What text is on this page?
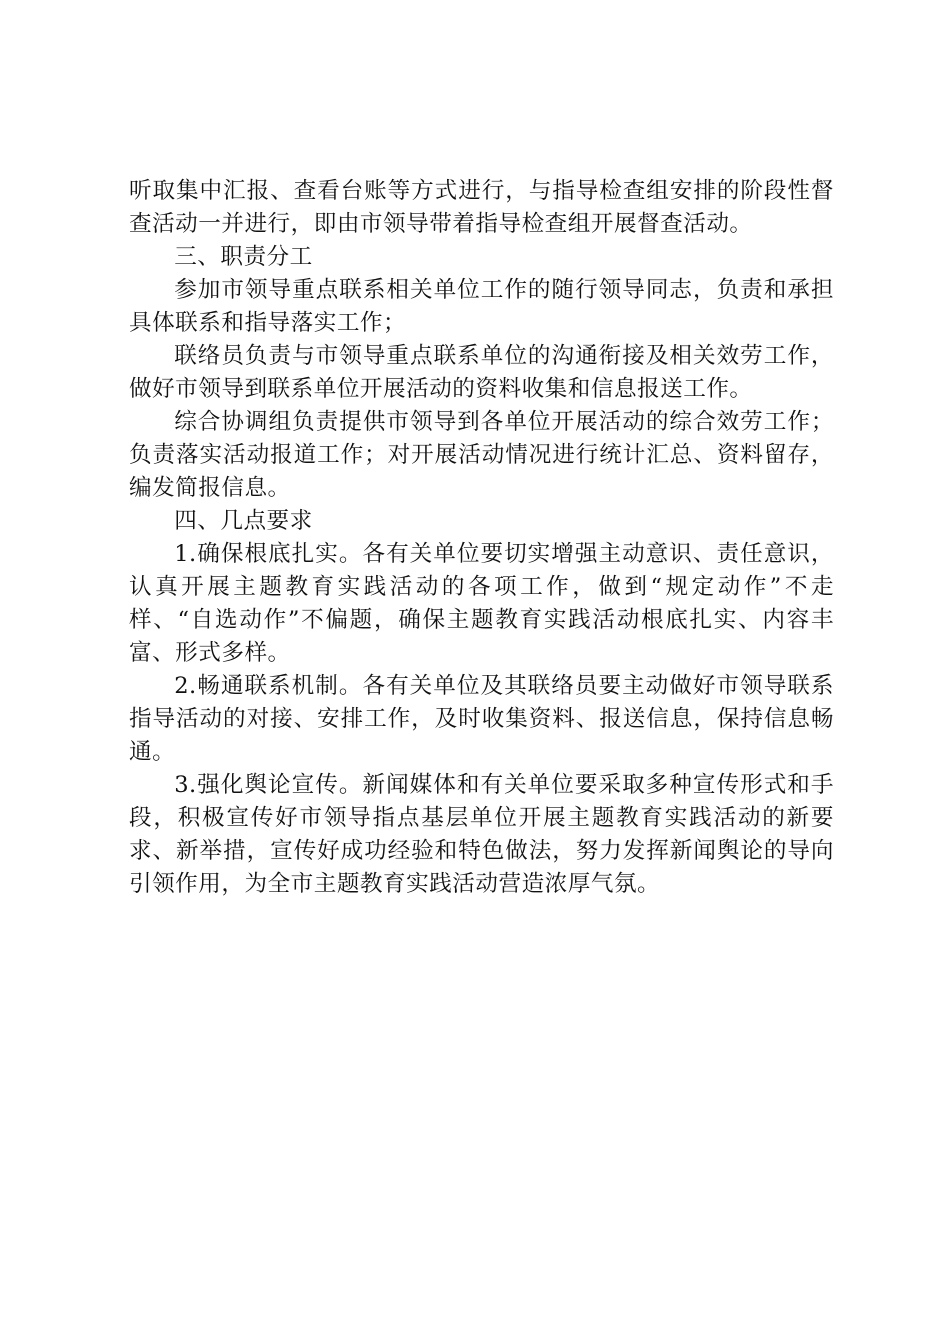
听取集中汇报、查看台账等方式进行，与指导检查组安排的阶段性督查活动一并进行，即由市领导带着指导检查组开展督查活动。

三、职责分工

参加市领导重点联系相关单位工作的随行领导同志，负责和承担具体联系和指导落实工作；

联络员负责与市领导重点联系单位的沟通衔接及相关效劳工作，做好市领导到联系单位开展活动的资料收集和信息报送工作。

综合协调组负责提供市领导到各单位开展活动的综合效劳工作；负责落实活动报道工作；对开展活动情况进行统计汇总、资料留存，编发简报信息。

四、几点要求

1.确保根底扎实。各有关单位要切实增强主动意识、责任意识，认真开展主题教育实践活动的各项工作，做到“规定动作”不走样、“自选动作”不偏题，确保主题教育实践活动根底扎实、内容丰富、形式多样。

2.畅通联系机制。各有关单位及其联络员要主动做好市领导联系指导活动的对接、安排工作，及时收集资料、报送信息，保持信息畅通。

3.强化舆论宣传。新闻媒体和有关单位要采取多种宣传形式和手段，积极宣传好市领导指点基层单位开展主题教育实践活动的新要求、新举措，宣传好成功经验和特色做法，努力发挥新闻舆论的导向引领作用，为全市主题教育实践活动营造浓厚气氛。
